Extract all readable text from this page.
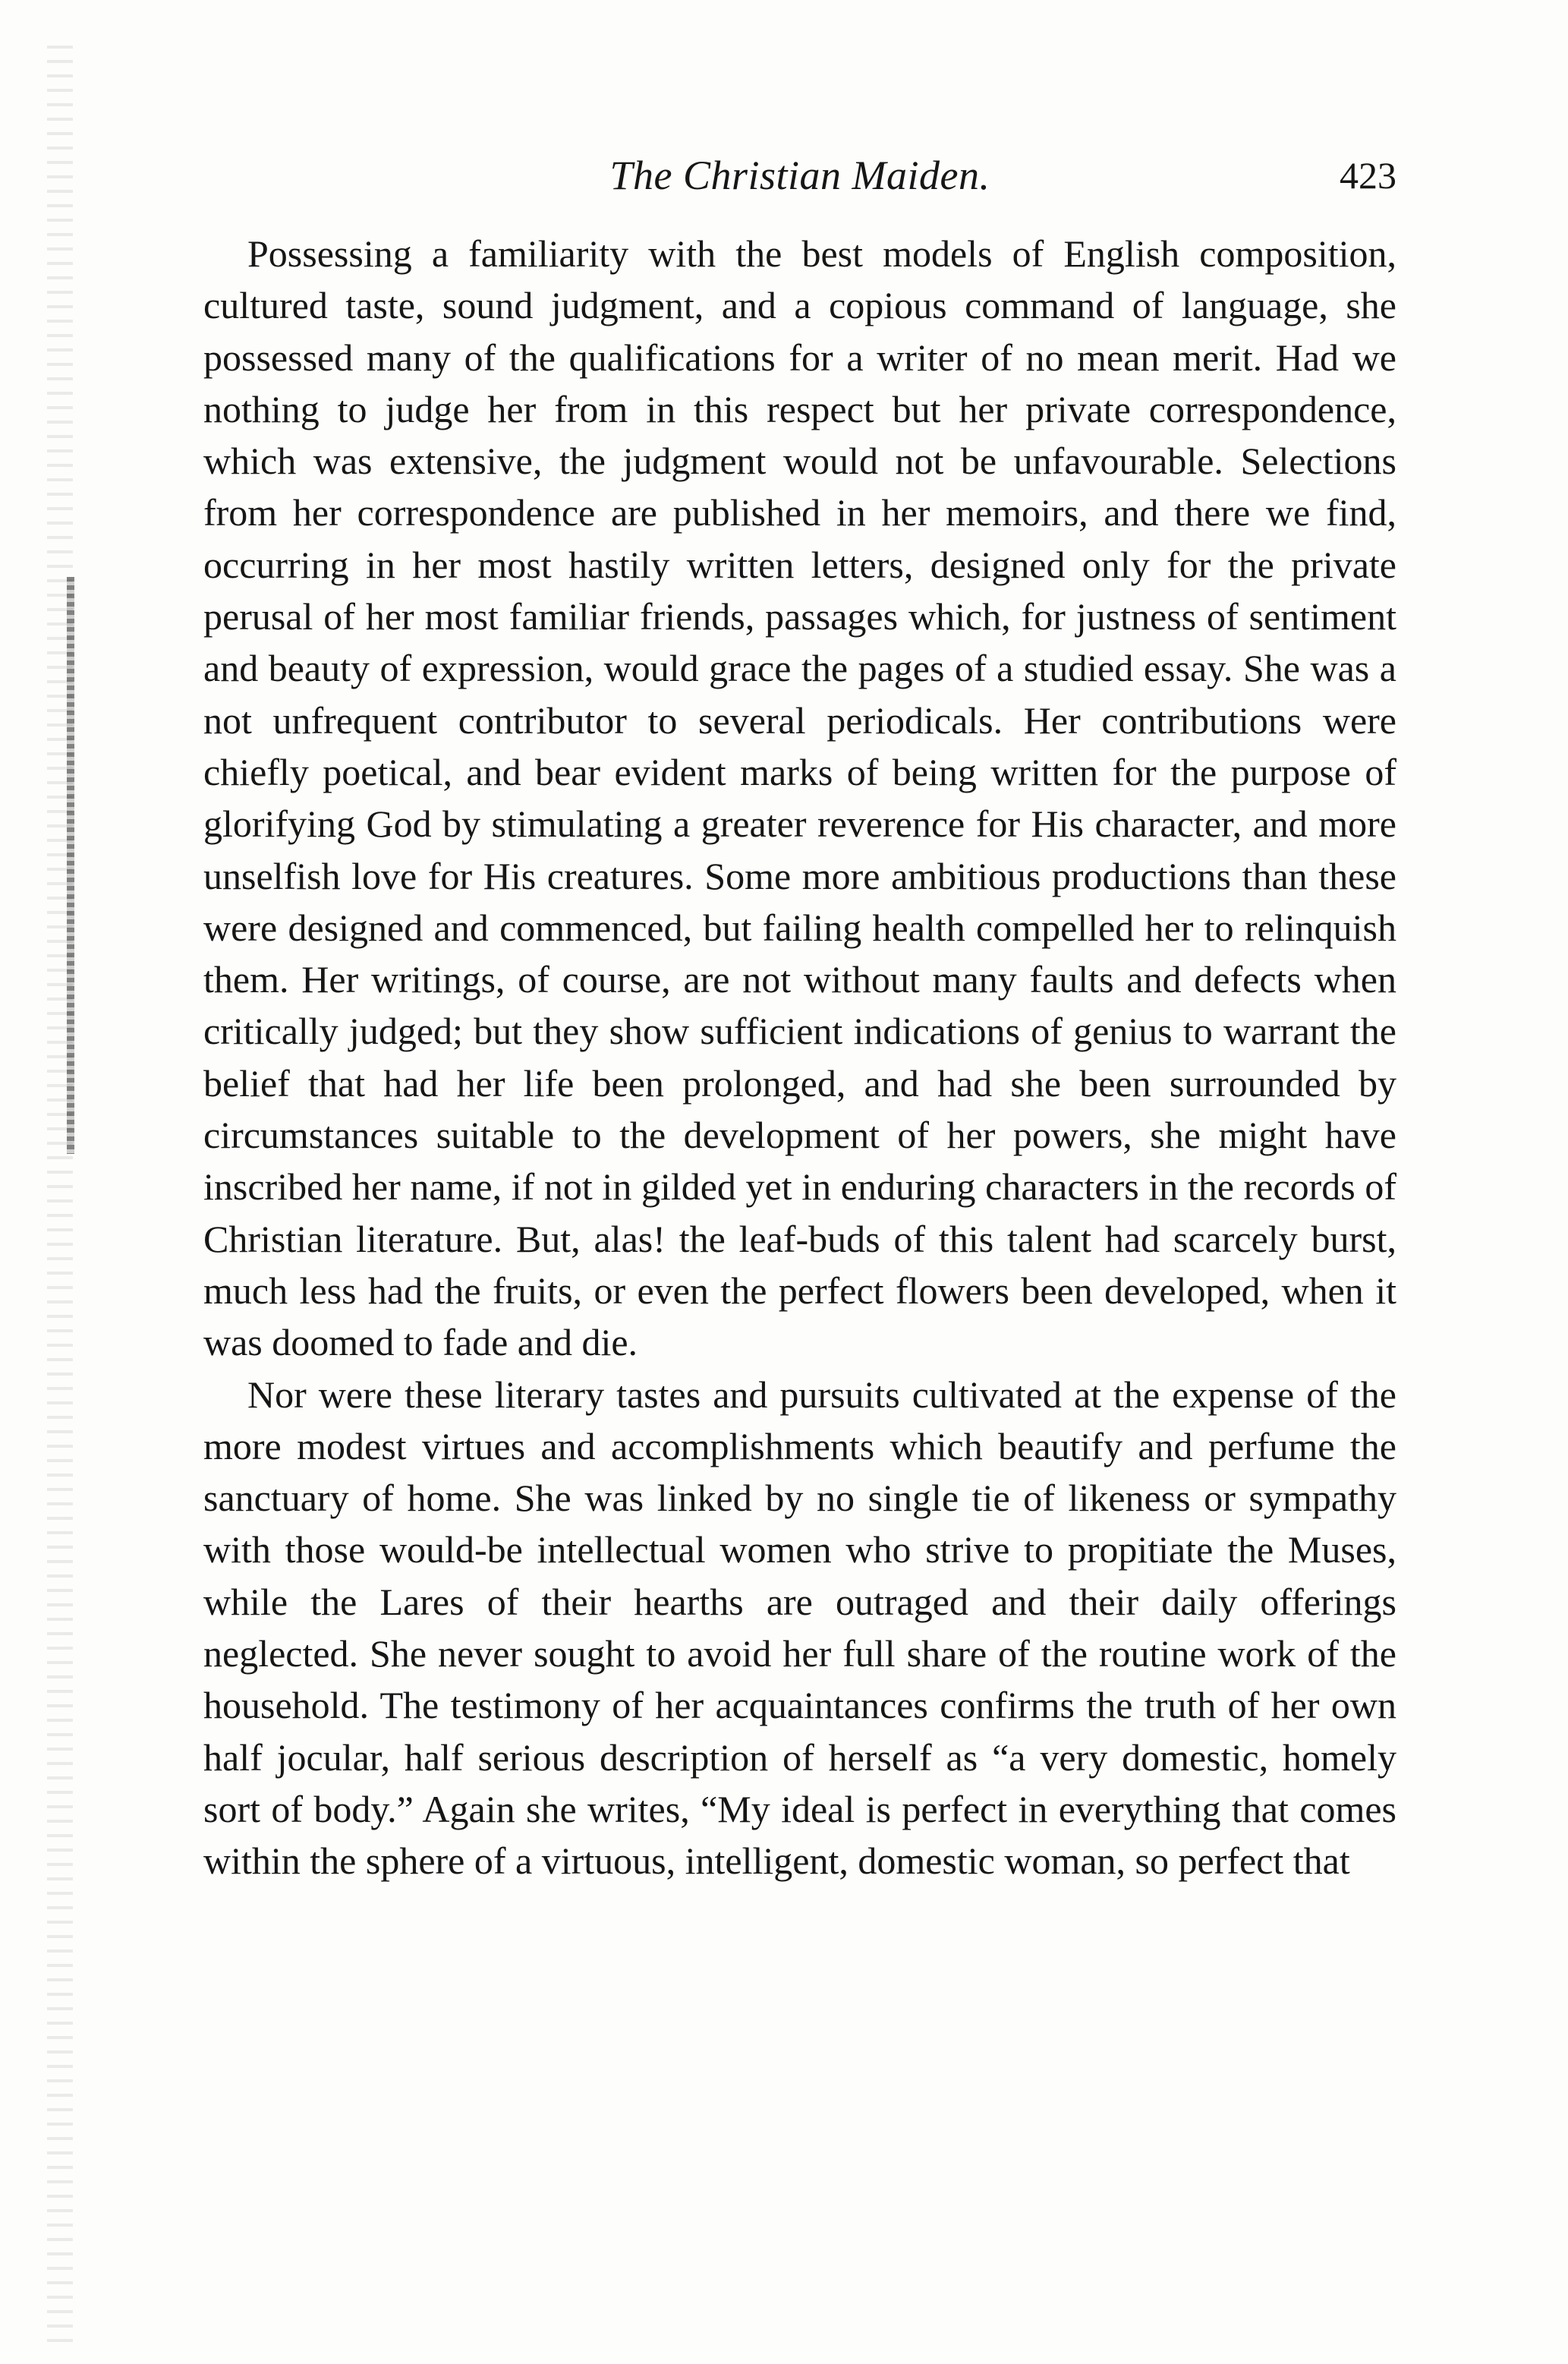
The Christian Maiden.	423

Possessing a familiarity with the best models of English composition, cultured taste, sound judgment, and a copious command of language, she possessed many of the qualifications for a writer of no mean merit. Had we nothing to judge her from in this respect but her private correspondence, which was extensive, the judgment would not be unfavourable. Selections from her correspondence are published in her memoirs, and there we find, occurring in her most hastily written letters, designed only for the private perusal of her most familiar friends, passages which, for justness of sentiment and beauty of expression, would grace the pages of a studied essay. She was a not unfrequent contributor to several periodicals. Her contributions were chiefly poetical, and bear evident marks of being written for the purpose of glorifying God by stimulating a greater reverence for His character, and more unselfish love for His creatures. Some more ambitious productions than these were designed and commenced, but failing health compelled her to relinquish them. Her writings, of course, are not without many faults and defects when critically judged; but they show sufficient indications of genius to warrant the belief that had her life been prolonged, and had she been surrounded by circumstances suitable to the development of her powers, she might have inscribed her name, if not in gilded yet in enduring characters in the records of Christian literature. But, alas! the leaf-buds of this talent had scarcely burst, much less had the fruits, or even the perfect flowers been developed, when it was doomed to fade and die.

Nor were these literary tastes and pursuits cultivated at the expense of the more modest virtues and accomplishments which beautify and perfume the sanctuary of home. She was linked by no single tie of likeness or sympathy with those would-be intellectual women who strive to propitiate the Muses, while the Lares of their hearths are outraged and their daily offerings neglected. She never sought to avoid her full share of the routine work of the household. The testimony of her acquaintances confirms the truth of her own half jocular, half serious description of herself as “a very domestic, homely sort of body.” Again she writes, “My ideal is perfect in everything that comes within the sphere of a virtuous, intelligent, domestic woman, so perfect that
